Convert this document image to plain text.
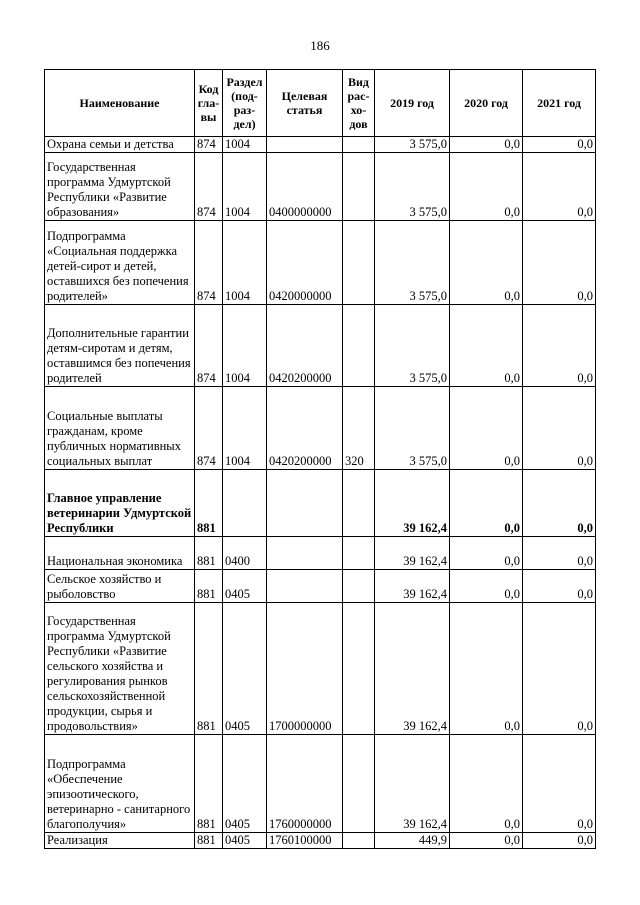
186
Наименование	Код гла-вы	Раздел (под-раз-дел)	Целевая статья	Вид рас-хо-дов	2019 год	2020 год	2021 год
Охрана семьи и детства	874	1004			3 575,0	0,0	0,0
Государственная программа Удмуртской Республики «Развитие образования»	874	1004	0400000000		3 575,0	0,0	0,0
Подпрограмма «Социальная поддержка детей-сирот и детей, оставшихся без попечения родителей»	874	1004	0420000000		3 575,0	0,0	0,0
Дополнительные гарантии детям-сиротам и детям, оставшимся без попечения родителей	874	1004	0420200000		3 575,0	0,0	0,0
Социальные выплаты гражданам, кроме публичных нормативных социальных выплат	874	1004	0420200000	320	3 575,0	0,0	0,0
Главное управление ветеринарии Удмуртской Республики	881				39 162,4	0,0	0,0
Национальная экономика	881	0400			39 162,4	0,0	0,0
Сельское хозяйство и рыболовство	881	0405			39 162,4	0,0	0,0
Государственная программа Удмуртской Республики «Развитие сельского хозяйства и регулирования рынков сельскохозяйственной продукции, сырья и продовольствия»	881	0405	1700000000		39 162,4	0,0	0,0
Подпрограмма «Обеспечение эпизоотического, ветеринарно - санитарного благополучия»	881	0405	1760000000		39 162,4	0,0	0,0
Реализация	881	0405	1760100000		449,9	0,0	0,0
